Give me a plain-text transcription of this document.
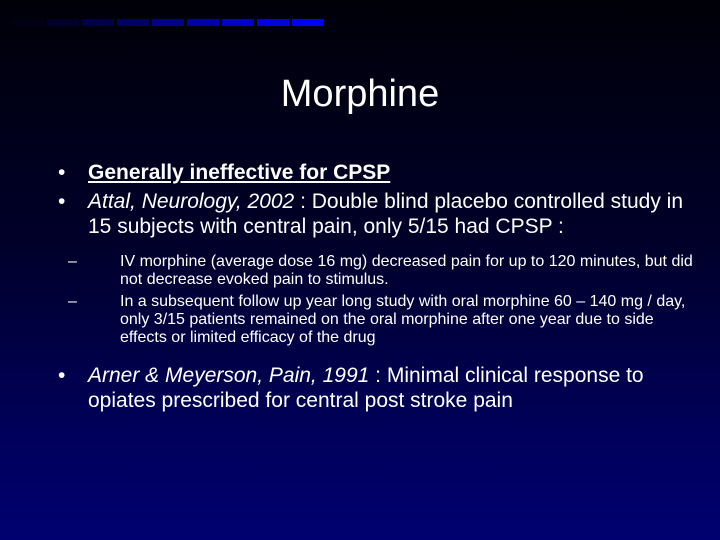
Morphine
• Generally ineffective for CPSP
• Attal, Neurology, 2002 : Double blind placebo controlled study in 15 subjects with central pain, only 5/15 had CPSP :
–	IV morphine (average dose 16 mg) decreased pain for up to 120 minutes, but did not decrease evoked pain to stimulus.
–	In a subsequent follow up year long study with oral morphine 60 – 140 mg / day, only 3/15 patients remained on the oral morphine after one year due to side effects or limited efficacy of the drug
• Arner & Meyerson, Pain, 1991 : Minimal clinical response to opiates prescribed for central post stroke pain
